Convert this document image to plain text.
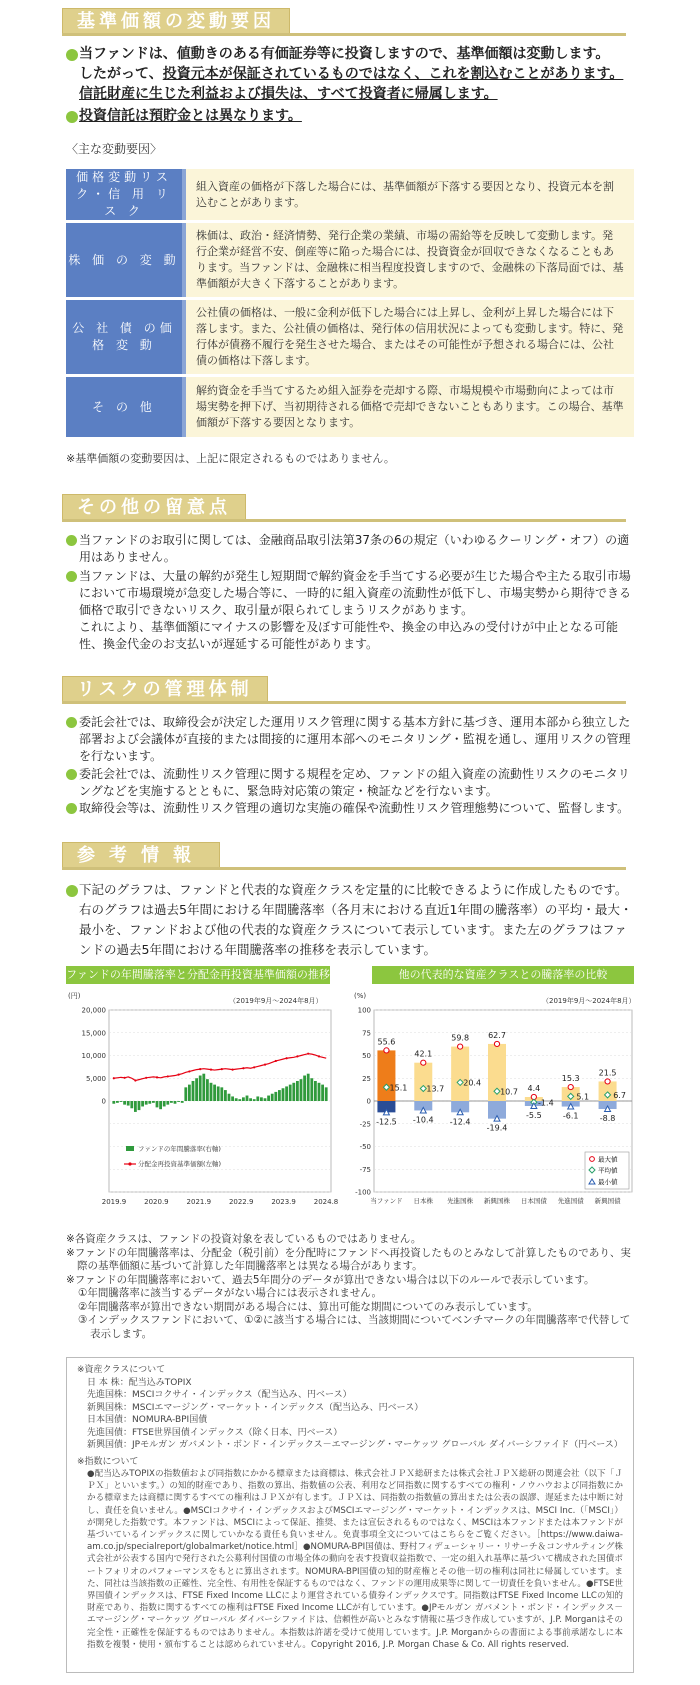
基準価額の変動要因
当ファンドは、値動きのある有価証券等に投資しますので、基準価額は変動します。
したがって、投資元本が保証されているものではなく、これを割込むことがあります。
信託財産に生じた利益および損失は、すべて投資者に帰属します。
投資信託は預貯金とは異なります。
〈主な変動要因〉
価格変動リスク・信 用 リ ス ク	組入資産の価格が下落した場合には、基準価額が下落する要因となり、投資元本を割込むことがあります。
株 価 の 変 動	株価は、政治・経済情勢、発行企業の業績、市場の需給等を反映して変動します。発行企業が経営不安、倒産等に陥った場合には、投資資金が回収できなくなることもあります。当ファンドは、金融株に相当程度投資しますので、金融株の下落局面では、基準価額が大きく下落することがあります。
公 社 債 の価 格 変 動	公社債の価格は、一般に金利が低下した場合には上昇し、金利が上昇した場合には下落します。また、公社債の価格は、発行体の信用状況によっても変動します。特に、発行体が債務不履行を発生させた場合、またはその可能性が予想される場合には、公社債の価格は下落します。
そ の 他	解約資金を手当てするため組入証券を売却する際、市場規模や市場動向によっては市場実勢を押下げ、当初期待される価格で売却できないこともあります。この場合、基準価額が下落する要因となります。
※基準価額の変動要因は、上記に限定されるものではありません。
その他の留意点
当ファンドのお取引に関しては、金融商品取引法第37条の6の規定（いわゆるクーリング・オフ）の適用はありません。
当ファンドは、大量の解約が発生し短期間で解約資金を手当てする必要が生じた場合や主たる取引市場において市場環境が急変した場合等に、一時的に組入資産の流動性が低下し、市場実勢から期待できる価格で取引できないリスク、取引量が限られてしまうリスクがあります。
これにより、基準価額にマイナスの影響を及ぼす可能性や、換金の申込みの受付けが中止となる可能性、換金代金のお支払いが遅延する可能性があります。
リスクの管理体制
委託会社では、取締役会が決定した運用リスク管理に関する基本方針に基づき、運用本部から独立した部署および会議体が直接的または間接的に運用本部へのモニタリング・監視を通し、運用リスクの管理を行ないます。
委託会社では、流動性リスク管理に関する規程を定め、ファンドの組入資産の流動性リスクのモニタリングなどを実施するとともに、緊急時対応策の策定・検証などを行ないます。
取締役会等は、流動性リスク管理の適切な実施の確保や流動性リスク管理態勢について、監督します。
参考情報
下記のグラフは、ファンドと代表的な資産クラスを定量的に比較できるように作成したものです。右のグラフは過去5年間における年間騰落率（各月末における直近1年間の騰落率）の平均・最大・最小を、ファンドおよび他の代表的な資産クラスについて表示しています。また左のグラフはファンドの過去5年間における年間騰落率の推移を表示しています。
ファンドの年間騰落率と分配金再投資基準価額の推移
(円)
（2019年9月～2024年8月）
20,000
15,000
10,000
5,000
0
2019.9	2020.9	2021.9	2022.9	2023.9	2024.8
ファンドの年間騰落率(右軸)
分配金再投資基準価額(左軸)
他の代表的な資産クラスとの騰落率の比較
(%)
（2019年9月～2024年8月）
100
75
50
25
0
-25
-50
-75
-100
55.6
15.1
-12.5
当ファンド
42.1
13.7
-10.4
日本株
59.8
20.4
-12.4
先進国株
62.7
10.7
-19.4
新興国株
4.4
-1.4
-5.5
日本国債
15.3
5.1
-6.1
先進国債
21.5
6.7
-8.8
新興国債
最大値
平均値
最小値
※各資産クラスは、ファンドの投資対象を表しているものではありません。
※ファンドの年間騰落率は、分配金（税引前）を分配時にファンドへ再投資したものとみなして計算したものであり、実際の基準価額に基づいて計算した年間騰落率とは異なる場合があります。
※ファンドの年間騰落率において、過去5年間分のデータが算出できない場合は以下のルールで表示しています。
①年間騰落率に該当するデータがない場合には表示されません。
②年間騰落率が算出できない期間がある場合には、算出可能な期間についてのみ表示しています。
③インデックスファンドにおいて、①②に該当する場合には、当該期間についてベンチマークの年間騰落率で代替して表示します。
※資産クラスについて
日 本 株：配当込みTOPIX
先進国株：MSCIコクサイ・インデックス（配当込み、円ベース）
新興国株：MSCIエマージング・マーケット・インデックス（配当込み、円ベース）
日本国債：NOMURA-BPI国債
先進国債：FTSE世界国債インデックス（除く日本、円ベース）
新興国債：JPモルガン ガバメント・ボンド・インデックス－エマージング・マーケッツ グローバル ダイバーシファイド（円ベース）
※指数について
●配当込みTOPIXの指数値および同指数にかかる標章または商標は、株式会社ＪＰＸ総研または株式会社ＪＰＸ総研の関連会社（以下「ＪＰＸ」といいます。）の知的財産であり、指数の算出、指数値の公表、利用など同指数に関するすべての権利・ノウハウおよび同指数にかかる標章または商標に関するすべての権利はＪＰＸが有します。ＪＰＸは、同指数の指数値の算出または公表の誤謬、遅延または中断に対し、責任を負いません。●MSCIコクサイ・インデックスおよびMSCIエマージング・マーケット・インデックスは、MSCI Inc.（「MSCI」）が開発した指数です。本ファンドは、MSCIによって保証、推奨、または宣伝されるものではなく、MSCIは本ファンドまたは本ファンドが基づいているインデックスに関していかなる責任も負いません。免責事項全文についてはこちらをご覧ください。［https://www.daiwa-am.co.jp/specialreport/globalmarket/notice.html］●NOMURA-BPI国債は、野村フィデューシャリー・リサーチ＆コンサルティング株式会社が公表する国内で発行された公募利付国債の市場全体の動向を表す投資収益指数で、一定の組入れ基準に基づいて構成された国債ポートフォリオのパフォーマンスをもとに算出されます。NOMURA-BPI国債の知的財産権とその他一切の権利は同社に帰属しています。また、同社は当該指数の正確性、完全性、有用性を保証するものではなく、ファンドの運用成果等に関して一切責任を負いません。●FTSE世界国債インデックスは、FTSE Fixed Income LLCにより運営されている債券インデックスです。同指数はFTSE Fixed Income LLCの知的財産であり、指数に関するすべての権利はFTSE Fixed Income LLCが有しています。●JPモルガン ガバメント・ボンド・インデックス－エマージング・マーケッツ グローバル ダイバーシファイドは、信頼性が高いとみなす情報に基づき作成していますが、J.P. Morganはその完全性・正確性を保証するものではありません。本指数は許諾を受けて使用しています。J.P. Morganからの書面による事前承諾なしに本指数を複製・使用・頒布することは認められていません。Copyright 2016, J.P. Morgan Chase & Co. All rights reserved.
